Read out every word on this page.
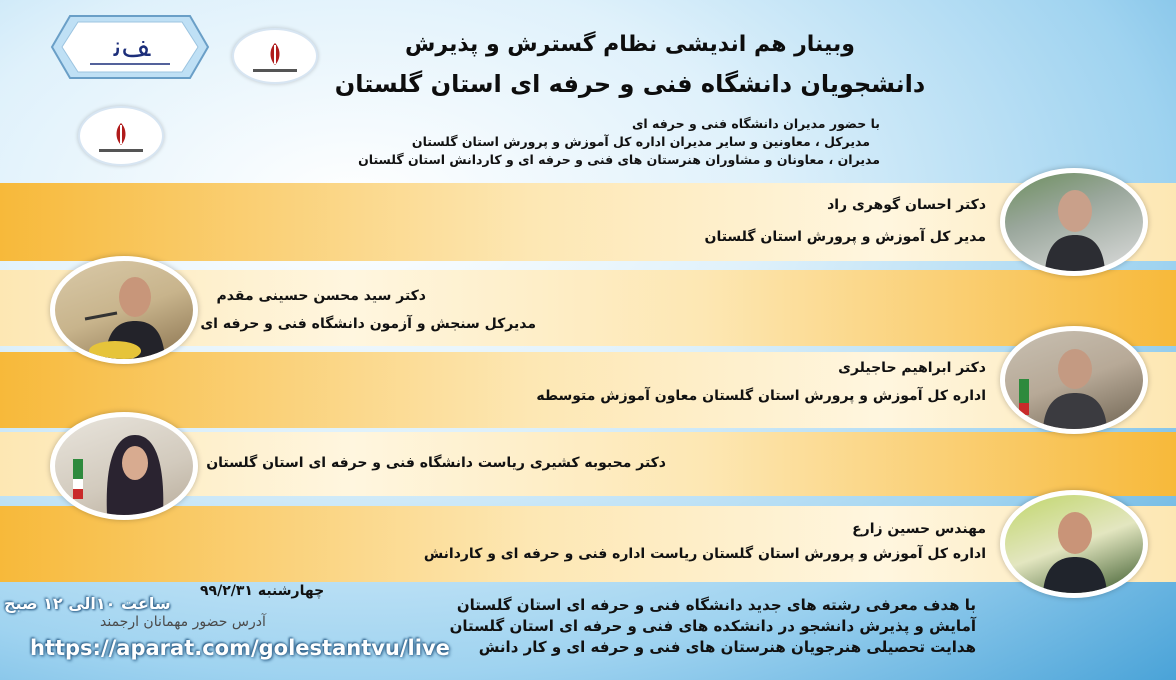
ﻒﻧ	وبینار هم اندیشی نظام گسترش و پذیرش
دانشجویان دانشگاه فنی و حرفه ای استان گلستان
با حضور مدیران دانشگاه فنی و حرفه ای
مدیرکل ، معاونین و سایر مدیران اداره کل آموزش و پرورش استان گلستان
مدیران ، معاونان و مشاوران هنرستان های فنی و حرفه ای و کاردانش استان گلستان
دکتر احسان گوهری راد
مدیر کل آموزش و پرورش استان گلستان
دکتر سید محسن حسینی مقدم
مدیرکل سنجش و آزمون دانشگاه فنی و حرفه ای
دکتر ابراهیم حاجیلری
اداره کل آموزش و پرورش استان گلستان معاون آموزش متوسطه
دکتر محبوبه کشیری ریاست دانشگاه فنی و حرفه ای استان گلستان
مهندس حسین زارع
اداره کل آموزش و پرورش استان گلستان ریاست اداره فنی و حرفه ای و کاردانش
چهارشنبه ۹۹/۲/۳۱
ساعت ۱۰الی ۱۲ صبح
آدرس حضور مهمانان ارجمند
https://aparat.com/golestantvu/live
با هدف معرفی رشته های جدید دانشگاه فنی و حرفه ای استان گلستان
آمایش و پذیرش دانشجو در دانشکده های فنی و حرفه ای استان گلستان
هدایت تحصیلی هنرجویان هنرستان های فنی و حرفه ای و کار دانش
